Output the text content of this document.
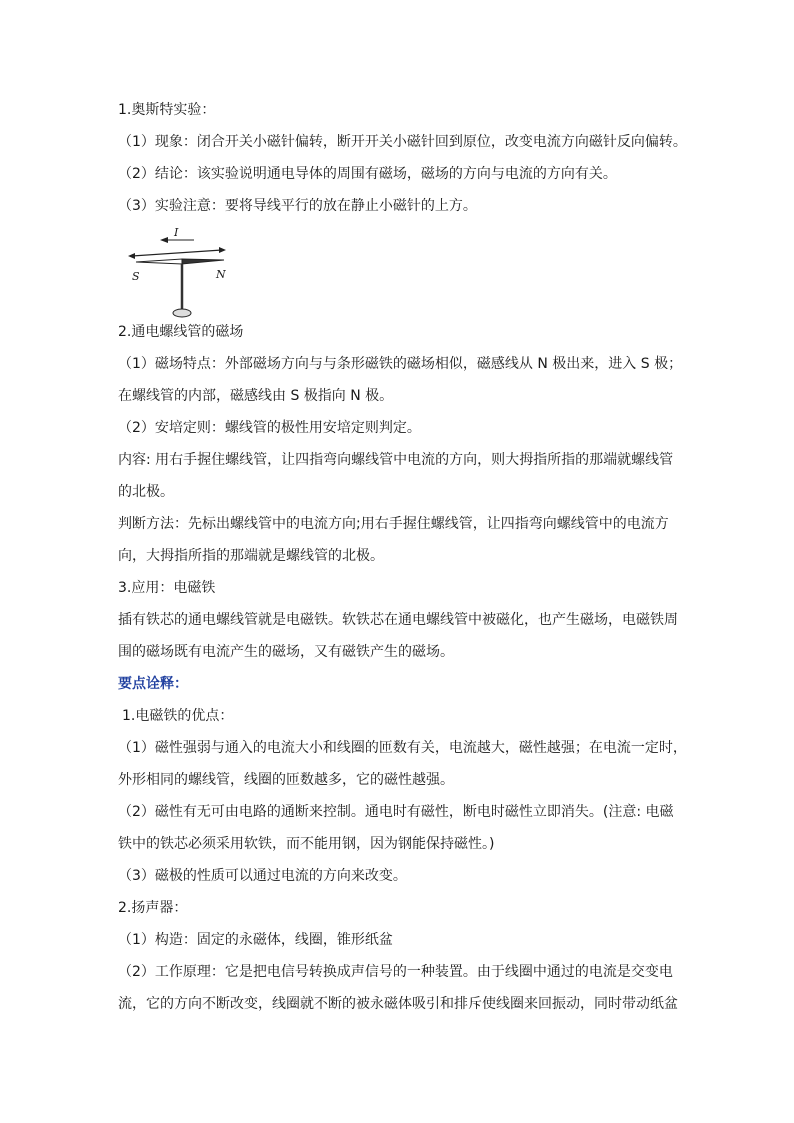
1.奥斯特实验：
（1）现象：闭合开关小磁针偏转，断开开关小磁针回到原位，改变电流方向磁针反向偏转。
（2）结论：该实验说明通电导体的周围有磁场，磁场的方向与电流的方向有关。
（3）实验注意：要将导线平行的放在静止小磁针的上方。
I
S	N
2.通电螺线管的磁场
（1）磁场特点：外部磁场方向与与条形磁铁的磁场相似，磁感线从 N 极出来，进入 S 极；
在螺线管的内部，磁感线由 S 极指向 N 极。
（2）安培定则：螺线管的极性用安培定则判定。
内容: 用右手握住螺线管，让四指弯向螺线管中电流的方向，则大拇指所指的那端就螺线管
的北极。
判断方法：先标出螺线管中的电流方向;用右手握住螺线管，让四指弯向螺线管中的电流方
向，大拇指所指的那端就是螺线管的北极。
3.应用：电磁铁
插有铁芯的通电螺线管就是电磁铁。软铁芯在通电螺线管中被磁化，也产生磁场，电磁铁周
围的磁场既有电流产生的磁场，又有磁铁产生的磁场。
要点诠释：
1.电磁铁的优点：
（1）磁性强弱与通入的电流大小和线圈的匝数有关，电流越大，磁性越强；在电流一定时，
外形相同的螺线管，线圈的匝数越多，它的磁性越强。
（2）磁性有无可由电路的通断来控制。通电时有磁性，断电时磁性立即消失。(注意: 电磁
铁中的铁芯必须采用软铁，而不能用钢，因为钢能保持磁性。)
（3）磁极的性质可以通过电流的方向来改变。
2.扬声器：
（1）构造：固定的永磁体，线圈，锥形纸盆
（2）工作原理：它是把电信号转换成声信号的一种装置。由于线圈中通过的电流是交变电
流，它的方向不断改变，线圈就不断的被永磁体吸引和排斥使线圈来回振动，同时带动纸盆
